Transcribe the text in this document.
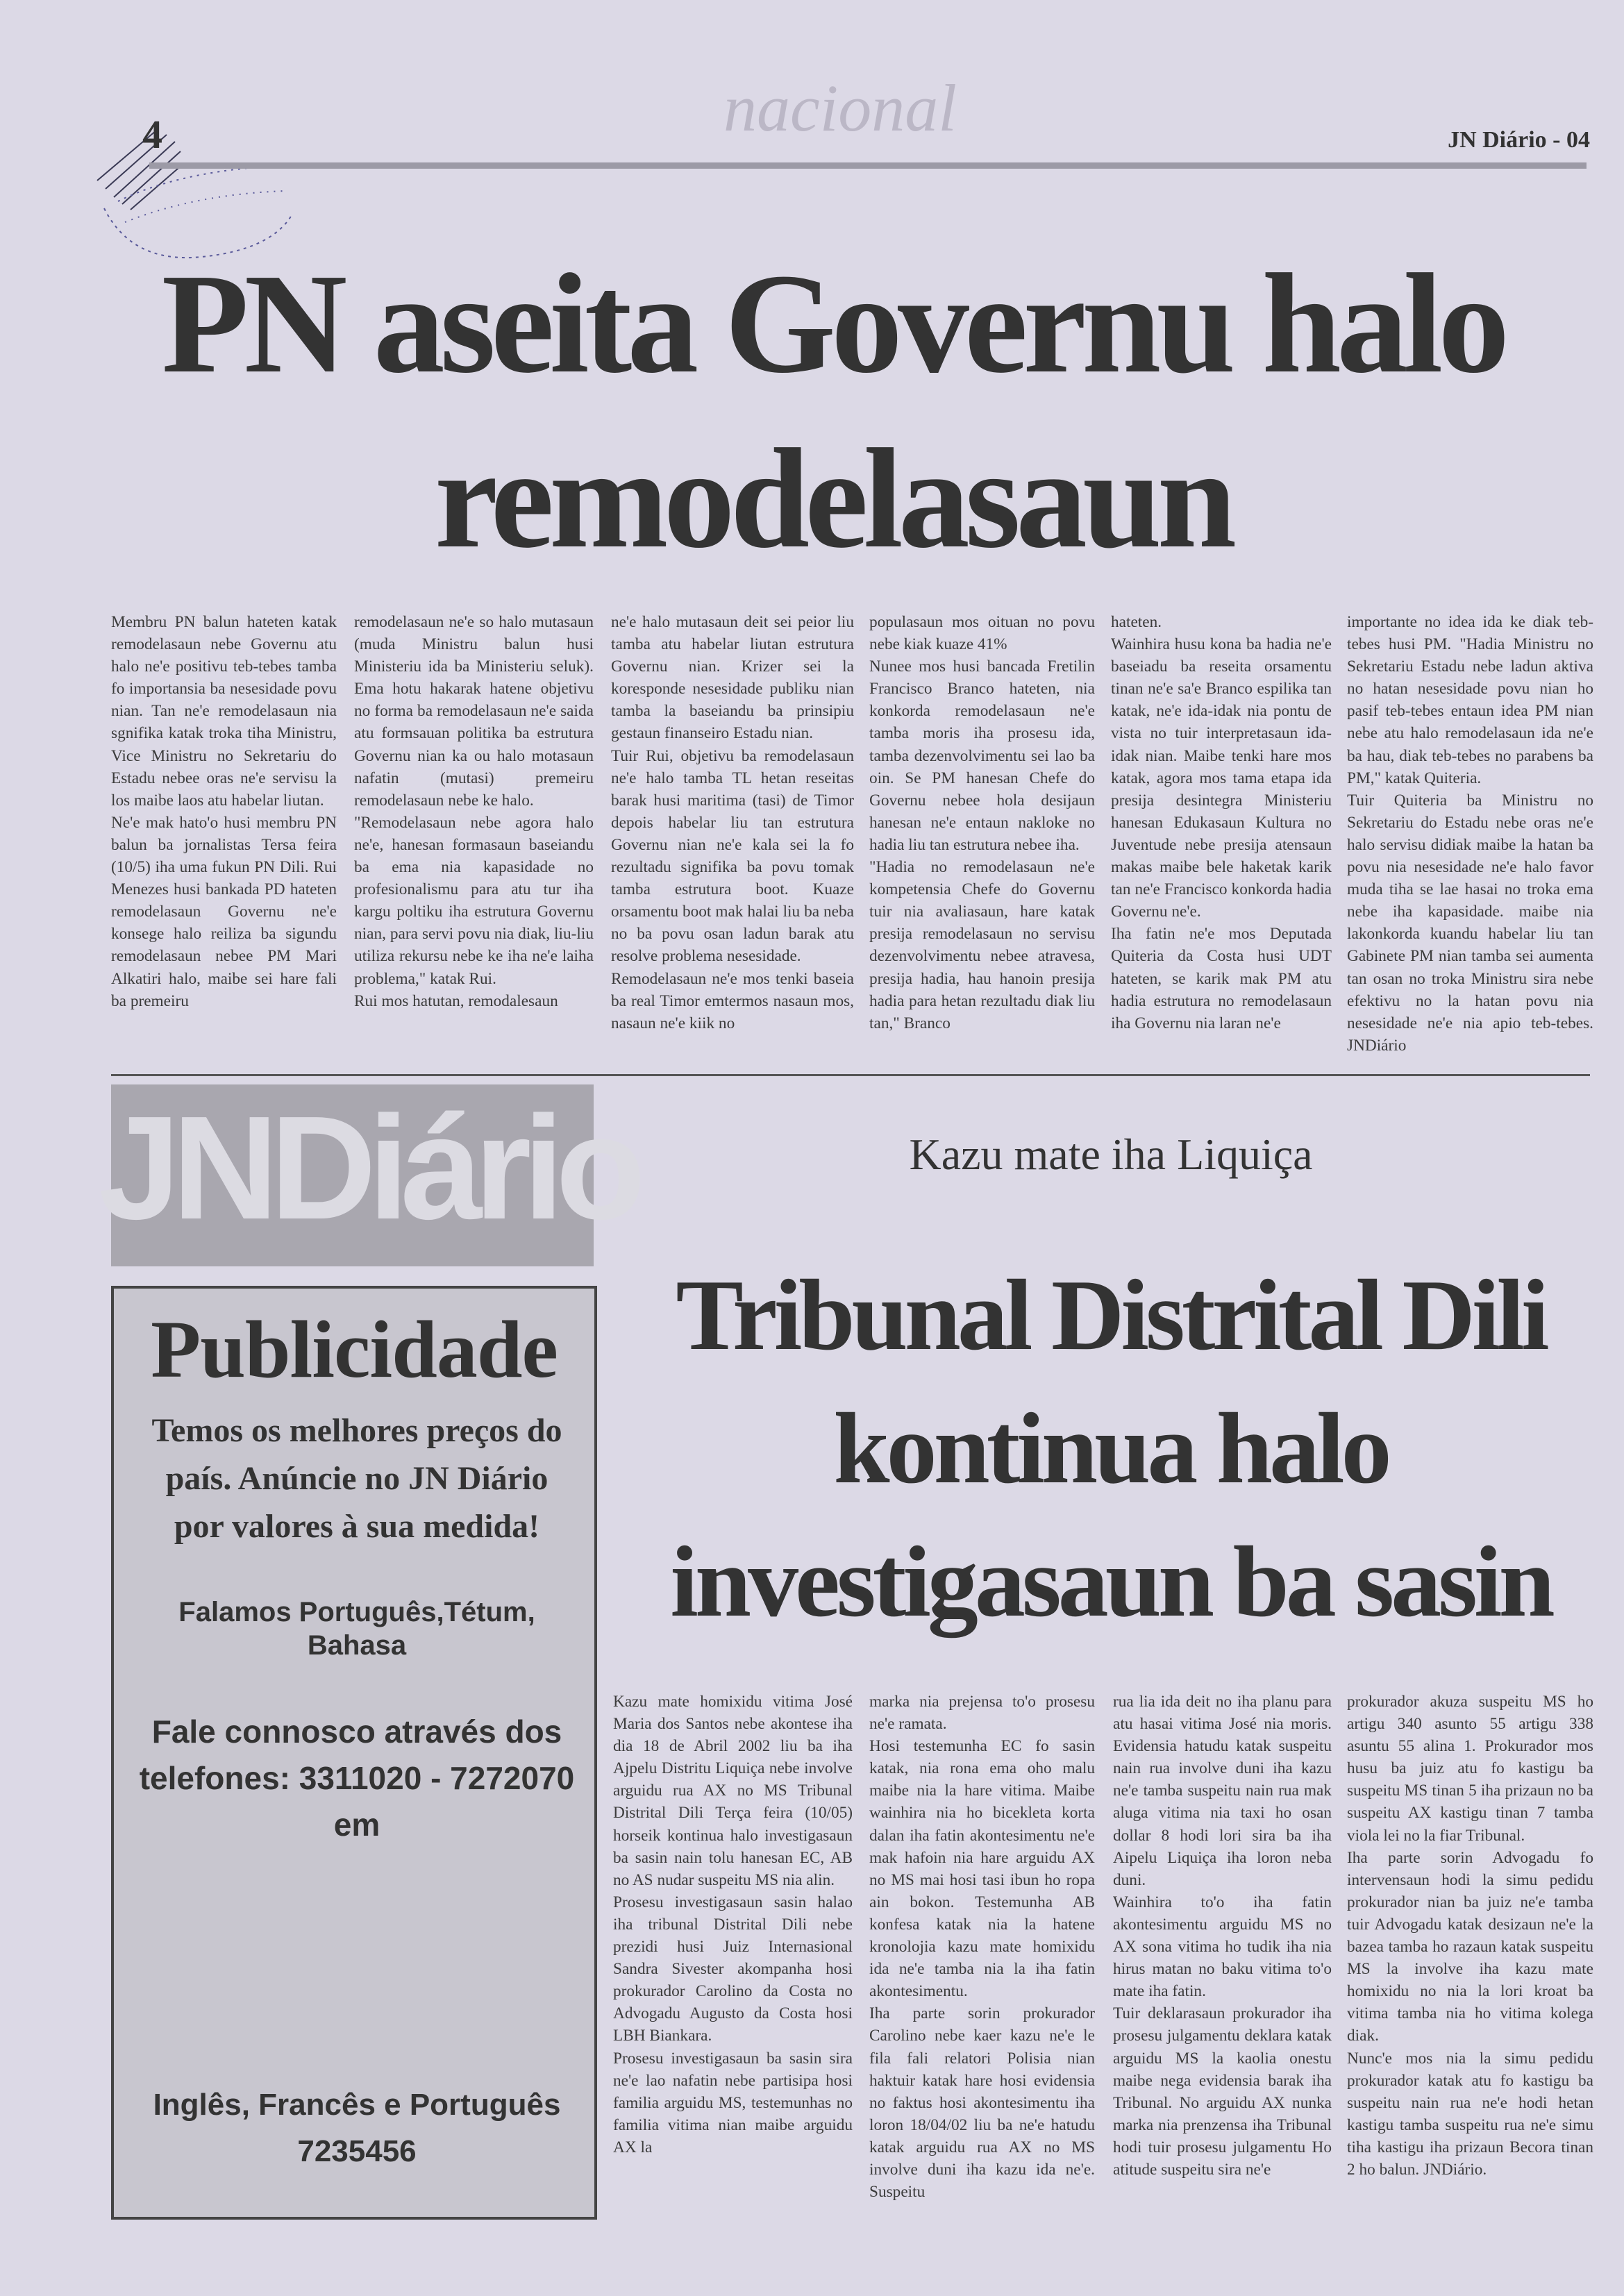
4	nacional	JN Diário - 04
PN aseita Governu halo
remodelasaun

Membru PN balun hateten katak remodelasaun nebe Governu atu halo ne'e positivu teb-tebes tamba fo importansia ba nesesidade povu nian. Tan ne'e remodelasaun nia sgnifika katak troka tiha Ministru, Vice Ministru no Sekretariu do Estadu nebee oras ne'e servisu la los maibe laos atu habelar liutan.

Ne'e mak hato'o husi membru PN balun ba jornalistas Tersa feira (10/5) iha uma fukun PN Dili. Rui Menezes husi bankada PD hateten remodelasaun Governu ne'e konsege halo reiliza ba sigundu remodelasaun nebee PM Mari Alkatiri halo, maibe sei hare fali ba premeiru

remodelasaun ne'e so halo mutasaun (muda Ministru balun husi Ministeriu ida ba Ministeriu seluk). Ema hotu hakarak hatene objetivu no forma ba remodelasaun ne'e saida atu formsauan politika ba estrutura Governu nian ka ou halo motasaun nafatin (mutasi) premeiru remodelasaun nebe ke halo.

"Remodelasaun nebe agora halo ne'e, hanesan formasaun baseiandu ba ema nia kapasidade no profesionalismu para atu tur iha kargu poltiku iha estrutura Governu nian, para servi povu nia diak, liu-liu utiliza rekursu nebe ke iha ne'e laiha problema," katak Rui.

Rui mos hatutan, remodalesaun

ne'e halo mutasaun deit sei peior liu tamba atu habelar liutan estrutura Governu nian. Krizer sei la koresponde nesesidade publiku nian tamba la baseiandu ba prinsipiu gestaun finanseiro Estadu nian.

Tuir Rui, objetivu ba remodelasaun ne'e halo tamba TL hetan reseitas barak husi maritima (tasi) de Timor depois habelar liu tan estrutura Governu nian ne'e kala sei la fo rezultadu signifika ba povu tomak tamba estrutura boot. Kuaze orsamentu boot mak halai liu ba neba no ba povu osan ladun barak atu resolve problema nesesidade.

Remodelasaun ne'e mos tenki baseia ba real Timor emtermos nasaun mos, nasaun ne'e kiik no

populasaun mos oituan no povu nebe kiak kuaze 41%

Nunee mos husi bancada Fretilin Francisco Branco hateten, nia konkorda remodelasaun ne'e tamba moris iha prosesu ida, tamba dezenvolvimentu sei lao ba oin. Se PM hanesan Chefe do Governu nebee hola desijaun hanesan ne'e entaun nakloke no hadia liu tan estrutura nebee iha.

"Hadia no remodelasaun ne'e kompetensia Chefe do Governu tuir nia avaliasaun, hare katak presija remodelasaun no servisu dezenvolvimentu nebee atravesa, presija hadia, hau hanoin presija hadia para hetan rezultadu diak liu tan," Branco

hateten.

Wainhira husu kona ba hadia ne'e baseiadu ba reseita orsamentu tinan ne'e sa'e Branco espilika tan katak, ne'e ida-idak nia pontu de vista no tuir interpretasaun ida-idak nian. Maibe tenki hare mos katak, agora mos tama etapa ida presija desintegra Ministeriu hanesan Edukasaun Kultura no Juventude nebe presija atensaun makas maibe bele haketak karik tan ne'e Francisco konkorda hadia Governu ne'e.

Iha fatin ne'e mos Deputada Quiteria da Costa husi UDT hateten, se karik mak PM atu hadia estrutura no remodelasaun iha Governu nia laran ne'e

importante no idea ida ke diak teb-tebes husi PM. "Hadia Ministru no Sekretariu Estadu nebe ladun aktiva no hatan nesesidade povu nian ho pasif teb-tebes entaun idea PM nian nebe atu halo remodelasaun ida ne'e ba hau, diak teb-tebes no parabens ba PM," katak Quiteria.

Tuir Quiteria ba Ministru no Sekretariu do Estadu nebe oras ne'e halo servisu didiak maibe la hatan ba povu nia nesesidade ne'e halo favor muda tiha se lae hasai no troka ema nebe iha kapasidade. maibe nia lakonkorda kuandu habelar liu tan Gabinete PM nian tamba sei aumenta tan osan no troka Ministru sira nebe efektivu no la hatan povu nia nesesidade ne'e nia apio teb-tebes. JNDiário

JNDiário	Kazu mate iha Liquiça
Tribunal Distrital Dili
kontinua halo
investigasaun ba sasin
Publicidade
Temos os melhores preços do país. Anúncie no JN Diário por valores à sua medida!
Falamos Português,Tétum, Bahasa
Fale connosco através dos telefones: 3311020 - 7272070 em
Inglês, Francês e Português 7235456

Kazu mate homixidu vitima José Maria dos Santos nebe akontese iha dia 18 de Abril 2002 liu ba iha Ajpelu Distritu Liquiça nebe involve arguidu rua AX no MS Tribunal Distrital Dili Terça feira (10/05) horseik kontinua halo investigasaun ba sasin nain tolu hanesan EC, AB no AS nudar suspeitu MS nia alin.

Prosesu investigasaun sasin halao iha tribunal Distrital Dili nebe prezidi husi Juiz Internasional Sandra Sivester akompanha hosi prokurador Carolino da Costa no Advogadu Augusto da Costa hosi LBH Biankara.

Prosesu investigasaun ba sasin sira ne'e lao nafatin nebe partisipa hosi familia arguidu MS, testemunhas no familia vitima nian maibe arguidu AX la

marka nia prejensa to'o prosesu ne'e ramata.

Hosi testemunha EC fo sasin katak, nia rona ema oho malu maibe nia la hare vitima. Maibe wainhira nia ho bicekleta korta dalan iha fatin akontesimentu ne'e mak hafoin nia hare arguidu AX no MS mai hosi tasi ibun ho ropa ain bokon. Testemunha AB konfesa katak nia la hatene kronolojia kazu mate homixidu ida ne'e tamba nia la iha fatin akontesimentu.

Iha parte sorin prokurador Carolino nebe kaer kazu ne'e le fila fali relatori Polisia nian haktuir katak hare hosi evidensia no faktus hosi akontesimentu iha loron 18/04/02 liu ba ne'e hatudu katak arguidu rua AX no MS involve duni iha kazu ida ne'e. Suspeitu

rua lia ida deit no iha planu para atu hasai vitima José nia moris. Evidensia hatudu katak suspeitu nain rua involve duni iha kazu ne'e tamba suspeitu nain rua mak aluga vitima nia taxi ho osan dollar 8 hodi lori sira ba iha Aipelu Liquiça iha loron neba duni.

Wainhira to'o iha fatin akontesimentu arguidu MS no AX sona vitima ho tudik iha nia hirus matan no baku vitima to'o mate iha fatin.

Tuir deklarasaun prokurador iha prosesu julgamentu deklara katak arguidu MS la kaolia onestu maibe nega evidensia barak iha Tribunal. No arguidu AX nunka marka nia prenzensa iha Tribunal hodi tuir prosesu julgamentu Ho atitude suspeitu sira ne'e

prokurador akuza suspeitu MS ho artigu 340 asunto 55 artigu 338 asuntu 55 alina 1. Prokurador mos husu ba juiz atu fo kastigu ba suspeitu MS tinan 5 iha prizaun no ba suspeitu AX kastigu tinan 7 tamba viola lei no la fiar Tribunal.

Iha parte sorin Advogadu fo intervensaun hodi la simu pedidu prokurador nian ba juiz ne'e tamba tuir Advogadu katak desizaun ne'e la bazea tamba ho razaun katak suspeitu MS la involve iha kazu mate homixidu no nia la lori kroat ba vitima tamba nia ho vitima kolega diak.

Nunc'e mos nia la simu pedidu prokurador katak atu fo kastigu ba suspeitu nain rua ne'e hodi hetan kastigu tamba suspeitu rua ne'e simu tiha kastigu iha prizaun Becora tinan 2 ho balun. JNDiário.
